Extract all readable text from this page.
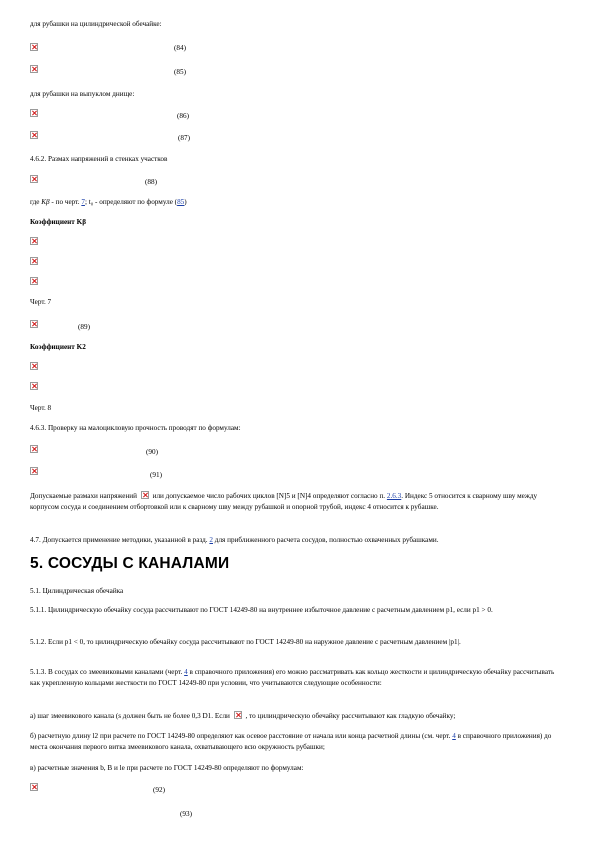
для рубашки на цилиндрической обечайке:
(84)
(85)
для рубашки на выпуклом днище:
(86)
(87)
4.6.2. Размах напряжений в стенках участков
(88)
где Kβ - по черт. 7; t₀ - определяют по формуле (85)
Коэффициент Kβ
Черт. 7
(89)
Коэффициент K2
Черт. 8
4.6.3. Проверку на малоцикловую прочность проводят по формулам:
(90)
(91)
Допускаемые размахи напряжений или допускаемое число рабочих циклов [N]5 и [N]4 определяют согласно п. 2.6.3. Индекс 5 относится к сварному шву между корпусом сосуда и соединением отбортовкой или к сварному шву между рубашкой и опорной трубой, индекс 4 относится к рубашке.
4.7. Допускается применение методики, указанной в разд. 2 для приближенного расчета сосудов, полностью охваченных рубашками.
5. СОСУДЫ С КАНАЛАМИ
5.1. Цилиндрическая обечайка
5.1.1. Цилиндрическую обечайку сосуда рассчитывают по ГОСТ 14249-80 на внутреннее избыточное давление с расчетным давлением p1, если p1 > 0.
5.1.2. Если p1 < 0, то цилиндрическую обечайку сосуда рассчитывают по ГОСТ 14249-80 на наружное давление с расчетным давлением |p1|.
5.1.3. В сосудах со змеевиковыми каналами (черт. 4 в справочного приложения) его можно рассматривать как кольцо жесткости и цилиндрическую обечайку рассчитывать как укрепленную кольцами жесткости по ГОСТ 14249-80 при условии, что учитываются следующие особенности:
а) шаг змеевикового канала (s должен быть не более 0,3 D1. Если , то цилиндрическую обечайку рассчитывают как гладкую обечайку;
б) расчетную длину l2 при расчете по ГОСТ 14249-80 определяют как осевое расстояние от начала или конца расчетной длины (см. черт. 4 в справочного приложения) до места окончания первого витка змеевикового канала, охватывающего всю окружность рубашки;
в) расчетные значения b, B и le при расчете по ГОСТ 14249-80 определяют по формулам:
(92)
(93)
